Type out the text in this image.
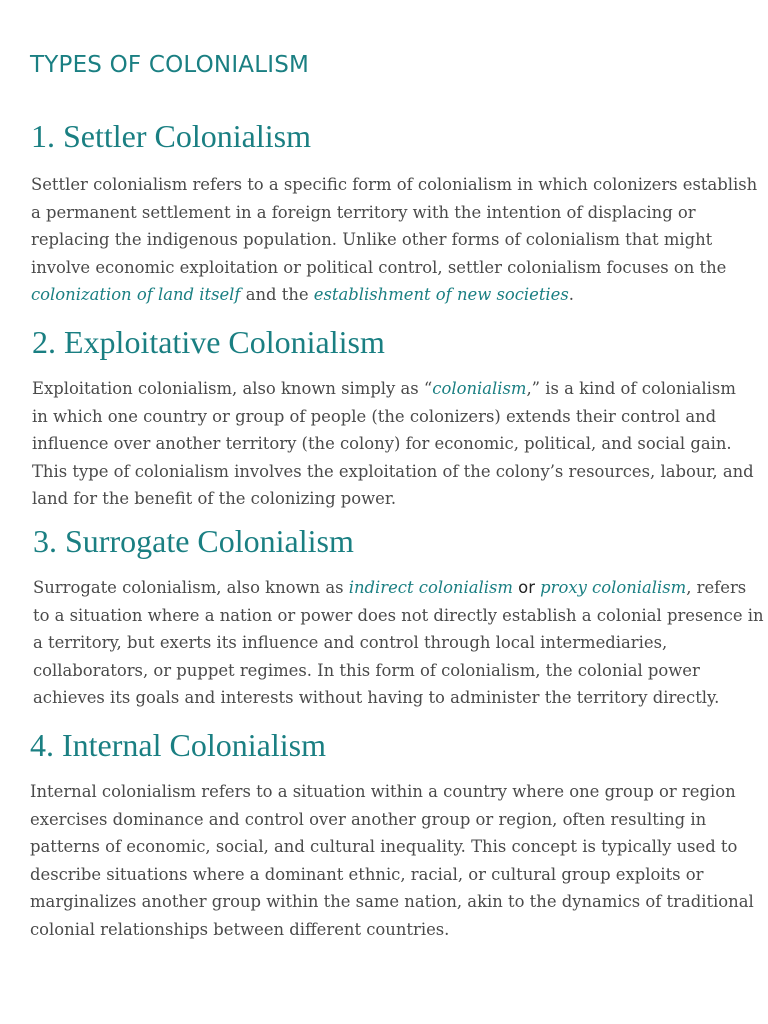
TYPES OF COLONIALISM
1. Settler Colonialism

Settler colonialism refers to a specific form of colonialism in which colonizers establish
a permanent settlement in a foreign territory with the intention of displacing or
replacing the indigenous population. Unlike other forms of colonialism that might
involve economic exploitation or political control, settler colonialism focuses on the
colonization of land itself and the establishment of new societies.

2. Exploitative Colonialism

Exploitation colonialism, also known simply as “colonialism,” is a kind of colonialism
in which one country or group of people (the colonizers) extends their control and
influence over another territory (the colony) for economic, political, and social gain.
This type of colonialism involves the exploitation of the colony’s resources, labour, and
land for the benefit of the colonizing power.

3. Surrogate Colonialism

Surrogate colonialism, also known as indirect colonialism or proxy colonialism, refers
to a situation where a nation or power does not directly establish a colonial presence in
a territory, but exerts its influence and control through local intermediaries,
collaborators, or puppet regimes. In this form of colonialism, the colonial power
achieves its goals and interests without having to administer the territory directly.

4. Internal Colonialism

Internal colonialism refers to a situation within a country where one group or region
exercises dominance and control over another group or region, often resulting in
patterns of economic, social, and cultural inequality. This concept is typically used to
describe situations where a dominant ethnic, racial, or cultural group exploits or
marginalizes another group within the same nation, akin to the dynamics of traditional
colonial relationships between different countries.
